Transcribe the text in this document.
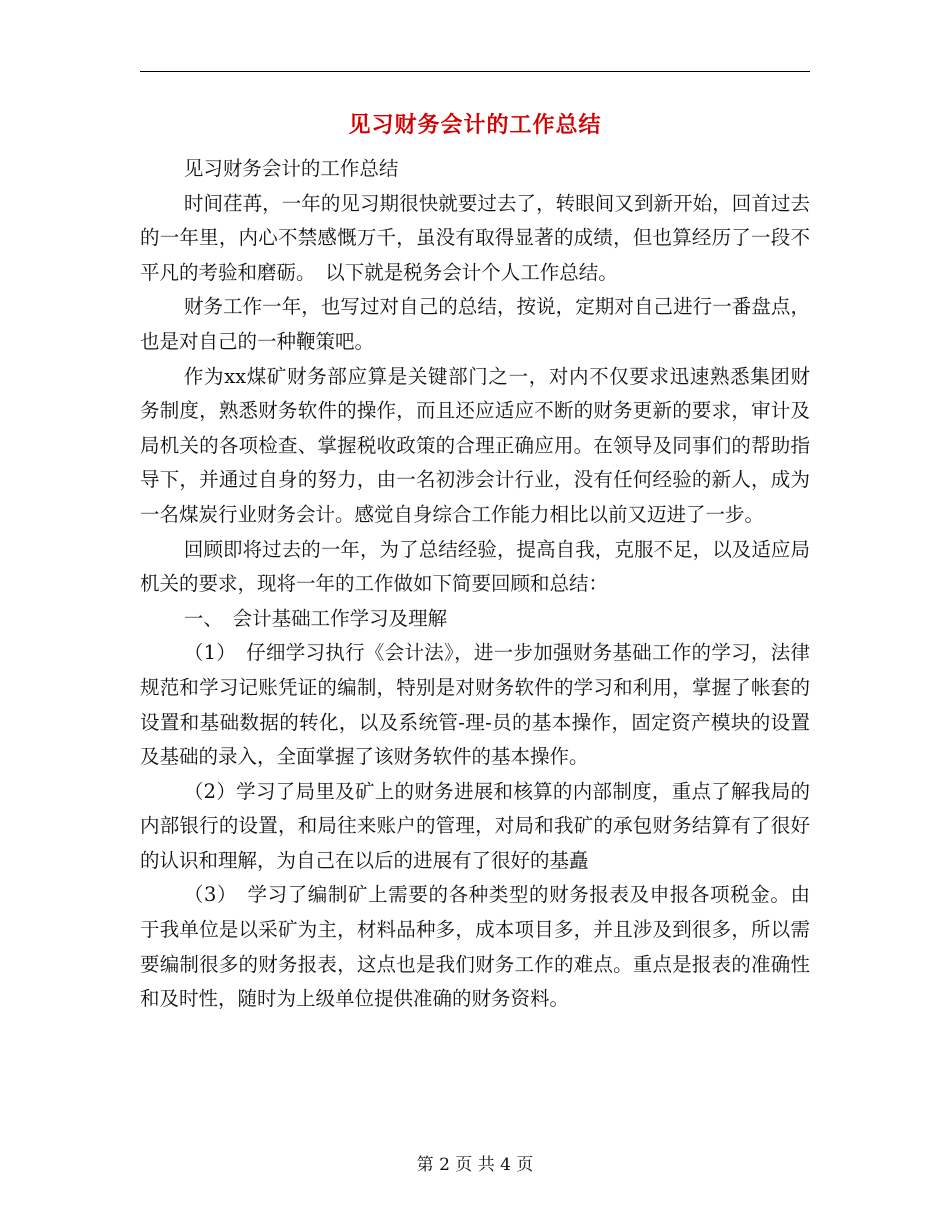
见习财务会计的工作总结

见习财务会计的工作总结

时间荏苒，一年的见习期很快就要过去了，转眼间又到新开始，回首过去的一年里，内心不禁感慨万千，虽没有取得显著的成绩，但也算经历了一段不平凡的考验和磨砺。　以下就是税务会计个人工作总结。

财务工作一年，也写过对自己的总结，按说，定期对自己进行一番盘点，也是对自己的一种鞭策吧。

作为xx煤矿财务部应算是关键部门之一，对内不仅要求迅速熟悉集团财务制度，熟悉财务软件的操作，而且还应适应不断的财务更新的要求，审计及局机关的各项检查、掌握税收政策的合理正确应用。在领导及同事们的帮助指导下，并通过自身的努力，由一名初涉会计行业，没有任何经验的新人，成为一名煤炭行业财务会计。感觉自身综合工作能力相比以前又迈进了一步。

回顾即将过去的一年，为了总结经验，提高自我，克服不足，以及适应局机关的要求，现将一年的工作做如下简要回顾和总结：

一、　会计基础工作学习及理解

（1）　仔细学习执行《会计法》，进一步加强财务基础工作的学习，法律规范和学习记账凭证的编制，特别是对财务软件的学习和利用，掌握了帐套的设置和基础数据的转化，以及系统管-理-员的基本操作，固定资产模块的设置及基础的录入，全面掌握了该财务软件的基本操作。

（2）学习了局里及矿上的财务进展和核算的内部制度，重点了解我局的内部银行的设置，和局往来账户的管理，对局和我矿的承包财务结算有了很好的认识和理解，为自己在以后的进展有了很好的基矗

（3）　学习了编制矿上需要的各种类型的财务报表及申报各项税金。由于我单位是以采矿为主，材料品种多，成本项目多，并且涉及到很多，所以需要编制很多的财务报表，这点也是我们财务工作的难点。重点是报表的准确性和及时性，随时为上级单位提供准确的财务资料。

第 2 页 共 4 页
